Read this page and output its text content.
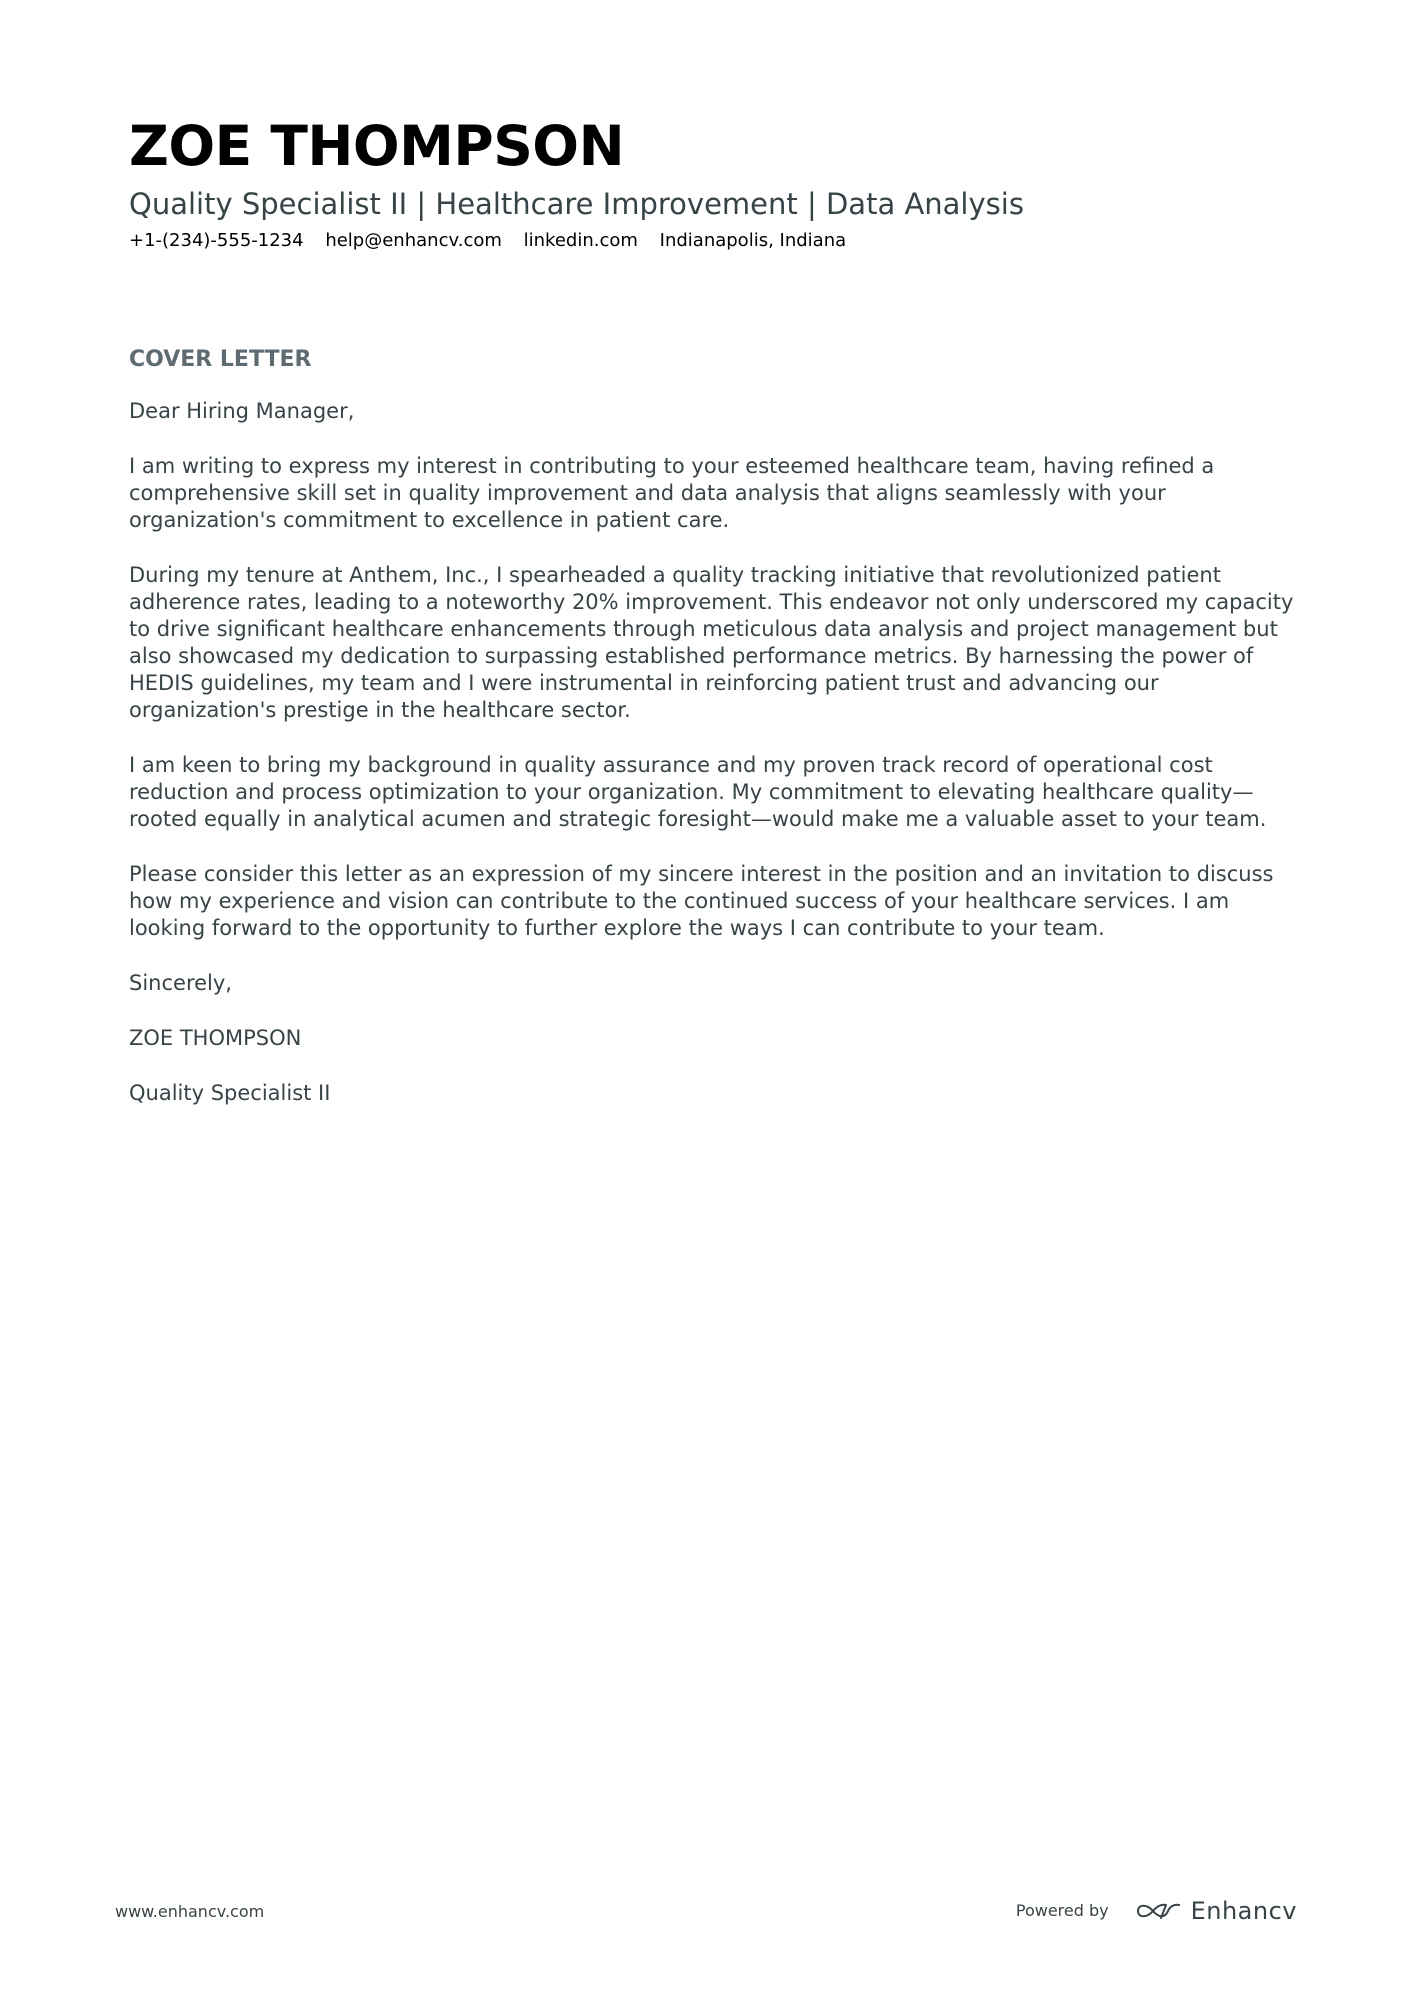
ZOE THOMPSON
Quality Specialist II | Healthcare Improvement | Data Analysis
+1-(234)-555-1234 help@enhancv.com linkedin.com Indianapolis, Indiana
COVER LETTER

Dear Hiring Manager,

I am writing to express my interest in contributing to your esteemed healthcare team, having refined a comprehensive skill set in quality improvement and data analysis that aligns seamlessly with your organization's commitment to excellence in patient care.

During my tenure at Anthem, Inc., I spearheaded a quality tracking initiative that revolutionized patient adherence rates, leading to a noteworthy 20% improvement. This endeavor not only underscored my capacity to drive significant healthcare enhancements through meticulous data analysis and project management but also showcased my dedication to surpassing established performance metrics. By harnessing the power of HEDIS guidelines, my team and I were instrumental in reinforcing patient trust and advancing our organization's prestige in the healthcare sector.

I am keen to bring my background in quality assurance and my proven track record of operational cost reduction and process optimization to your organization. My commitment to elevating healthcare quality—rooted equally in analytical acumen and strategic foresight—would make me a valuable asset to your team.

Please consider this letter as an expression of my sincere interest in the position and an invitation to discuss how my experience and vision can contribute to the continued success of your healthcare services. I am looking forward to the opportunity to further explore the ways I can contribute to your team.

Sincerely,

ZOE THOMPSON

Quality Specialist II

www.enhancv.com	Powered by	Enhancv
